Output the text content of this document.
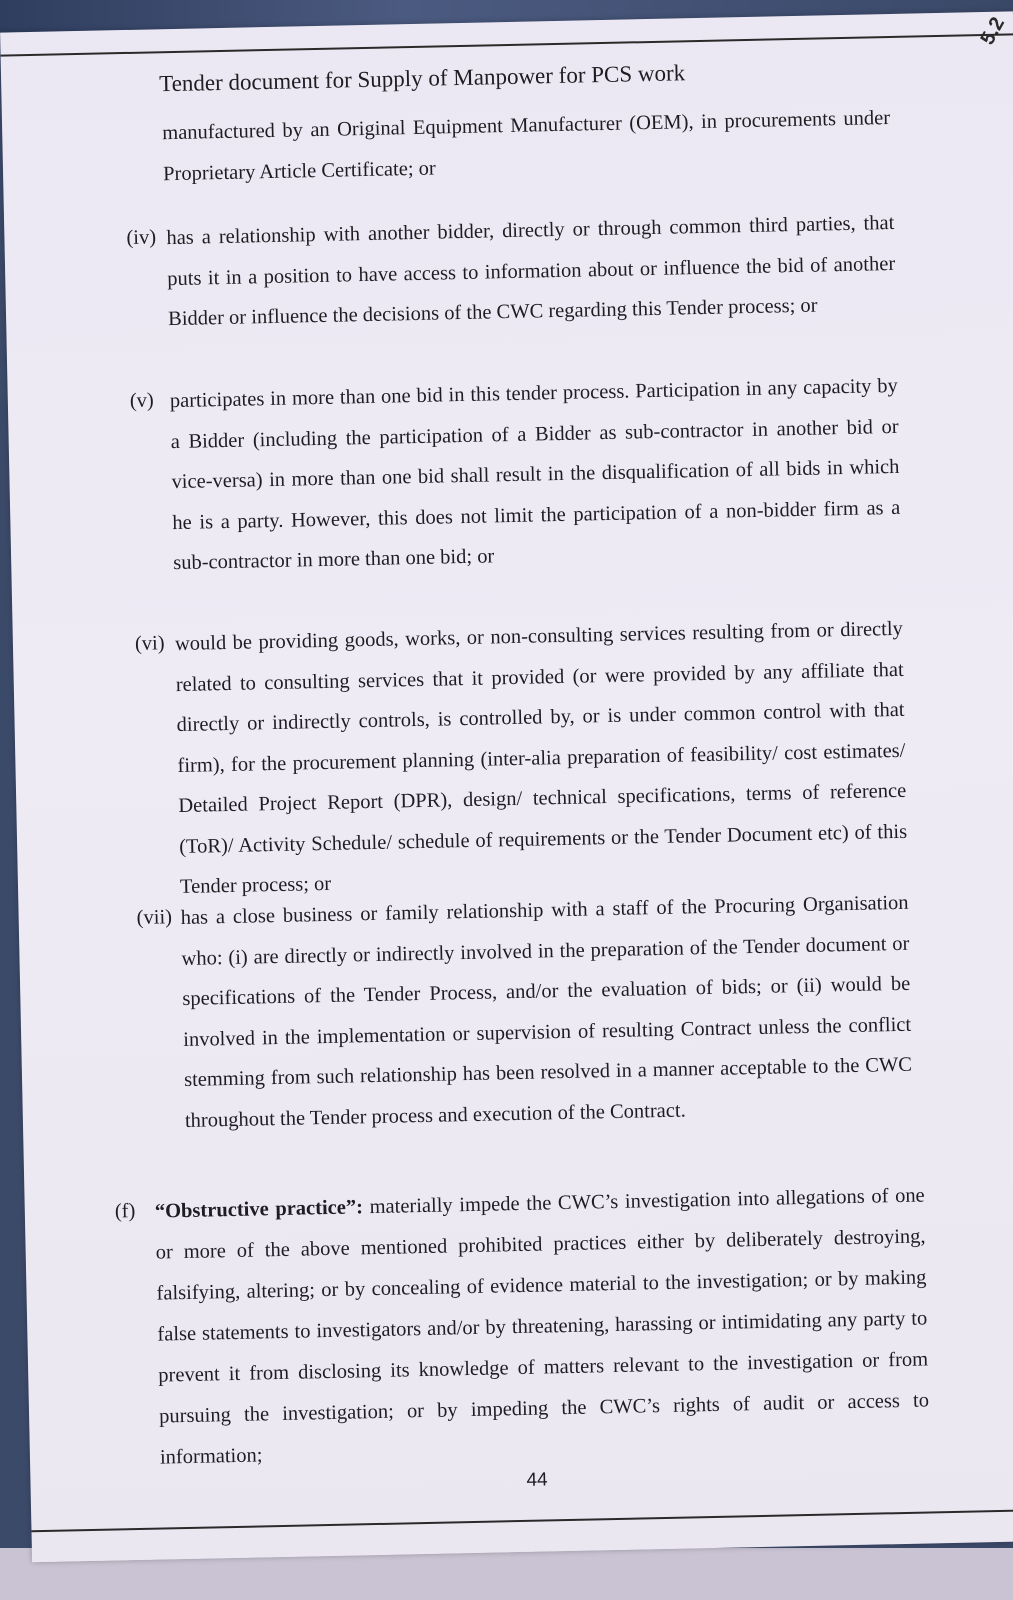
5.2
Tender document for Supply of Manpower for PCS work
manufactured by an Original Equipment Manufacturer (OEM), in procurements under Proprietary Article Certificate; or
(iv) has a relationship with another bidder, directly or through common third parties, that puts it in a position to have access to information about or influence the bid of another Bidder or influence the decisions of the CWC regarding this Tender process; or
(v) participates in more than one bid in this tender process. Participation in any capacity by a Bidder (including the participation of a Bidder as sub-contractor in another bid or vice-versa) in more than one bid shall result in the disqualification of all bids in which he is a party. However, this does not limit the participation of a non-bidder firm as a sub-contractor in more than one bid; or
(vi) would be providing goods, works, or non-consulting services resulting from or directly related to consulting services that it provided (or were provided by any affiliate that directly or indirectly controls, is controlled by, or is under common control with that firm), for the procurement planning (inter-alia preparation of feasibility/ cost estimates/ Detailed Project Report (DPR), design/ technical specifications, terms of reference (ToR)/ Activity Schedule/ schedule of requirements or the Tender Document etc) of this Tender process; or
(vii) has a close business or family relationship with a staff of the Procuring Organisation who: (i) are directly or indirectly involved in the preparation of the Tender document or specifications of the Tender Process, and/or the evaluation of bids; or (ii) would be involved in the implementation or supervision of resulting Contract unless the conflict stemming from such relationship has been resolved in a manner acceptable to the CWC throughout the Tender process and execution of the Contract.
(f) “Obstructive practice”: materially impede the CWC’s investigation into allegations of one or more of the above mentioned prohibited practices either by deliberately destroying, falsifying, altering; or by concealing of evidence material to the investigation; or by making false statements to investigators and/or by threatening, harassing or intimidating any party to prevent it from disclosing its knowledge of matters relevant to the investigation or from pursuing the investigation; or by impeding the CWC’s rights of audit or access to information;
44
